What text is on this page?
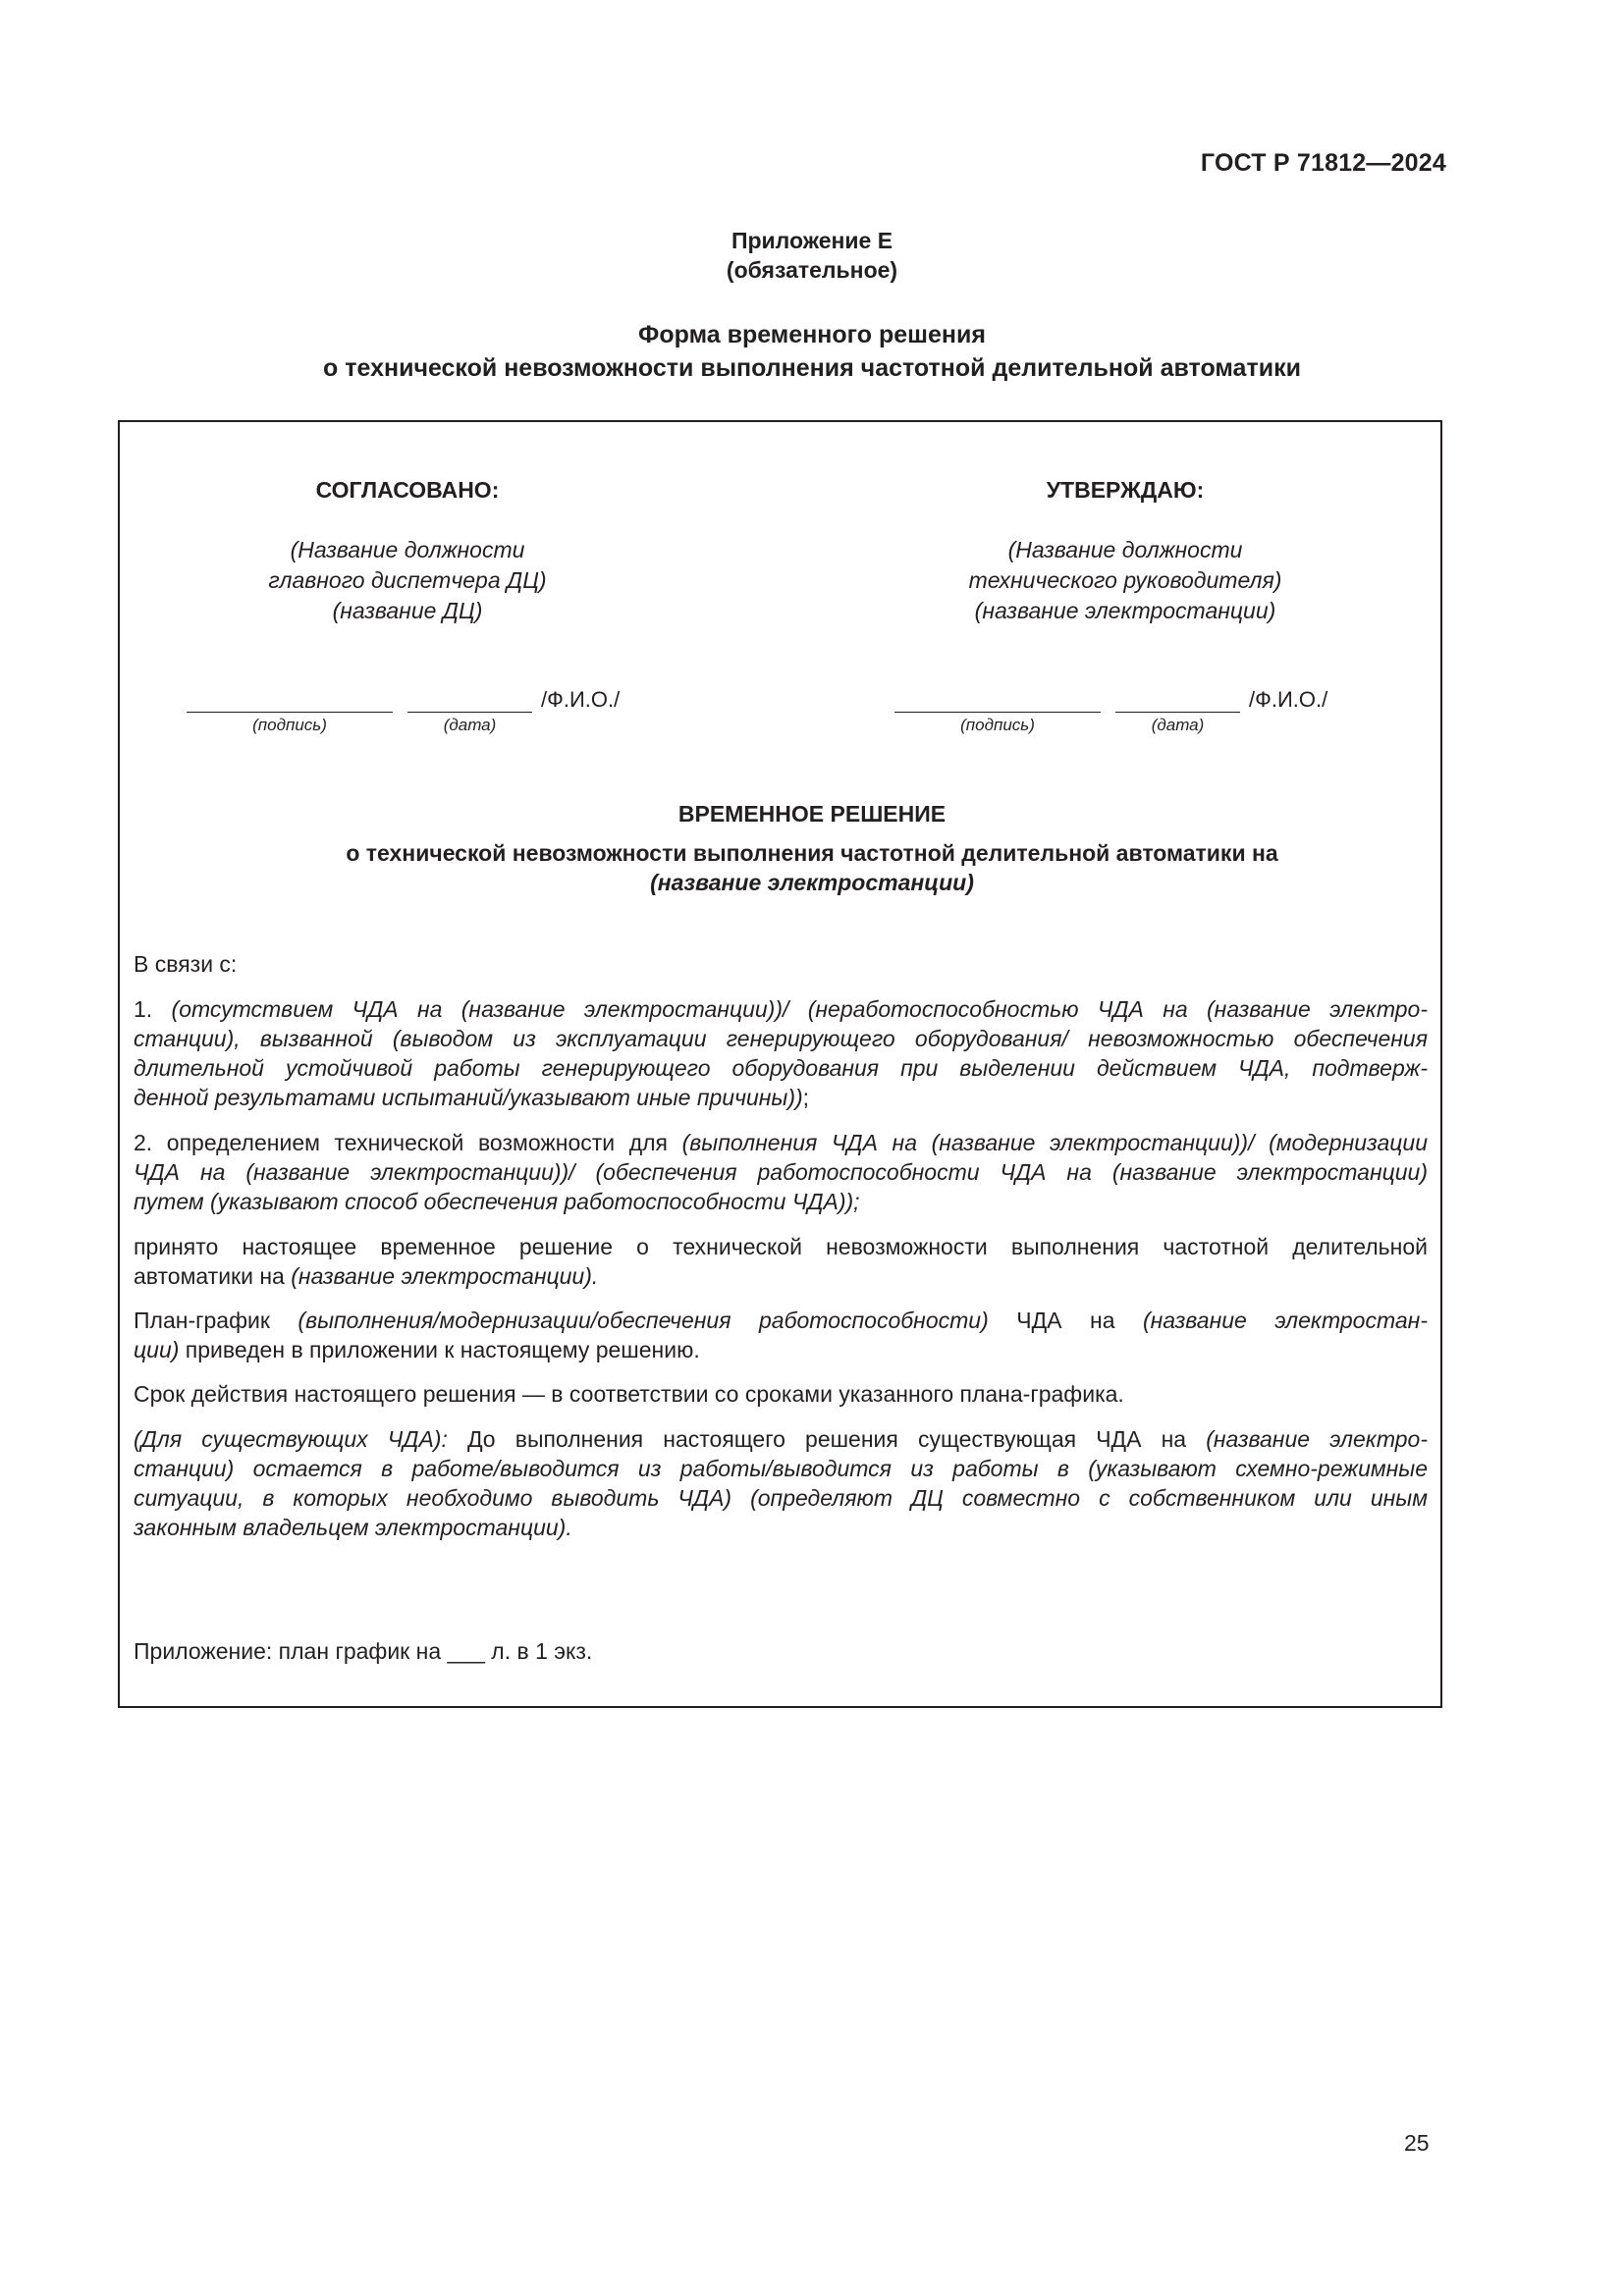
ГОСТ Р 71812—2024
Приложение Е
(обязательное)
Форма временного решения
о технической невозможности выполнения частотной делительной автоматики
СОГЛАСОВАНО:
(Название должности
главного диспетчера ДЦ)
(название ДЦ)
/Ф.И.О./
(подпись)	(дата)
УТВЕРЖДАЮ:
(Название должности
технического руководителя)
(название электростанции)
/Ф.И.О./
(подпись)	(дата)
ВРЕМЕННОЕ РЕШЕНИЕ
о технической невозможности выполнения частотной делительной автоматики на
(название электростанции)
В связи с:
1. (отсутствием ЧДА на (название электростанции))/ (неработоспособностью ЧДА на (название электро-
станции), вызванной (выводом из эксплуатации генерирующего оборудования/ невозможностью обеспечения
длительной устойчивой работы генерирующего оборудования при выделении действием ЧДА, подтверж-
денной результатами испытаний/указывают иные причины));
2. определением технической возможности для (выполнения ЧДА на (название электростанции))/ (модернизации
ЧДА на (название электростанции))/ (обеспечения работоспособности ЧДА на (название электростанции)
путем (указывают способ обеспечения работоспособности ЧДА));
принято настоящее временное решение о технической невозможности выполнения частотной делительной
автоматики на (название электростанции).
План-график (выполнения/модернизации/обеспечения работоспособности) ЧДА на (название электростан-
ции) приведен в приложении к настоящему решению.
Срок действия настоящего решения — в соответствии со сроками указанного плана-графика.
(Для существующих ЧДА): До выполнения настоящего решения существующая ЧДА на (название электро-
станции) остается в работе/выводится из работы/выводится из работы в (указывают схемно-режимные
ситуации, в которых необходимо выводить ЧДА) (определяют ДЦ совместно с собственником или иным
законным владельцем электростанции).
Приложение: план график на ___ л. в 1 экз.
25
